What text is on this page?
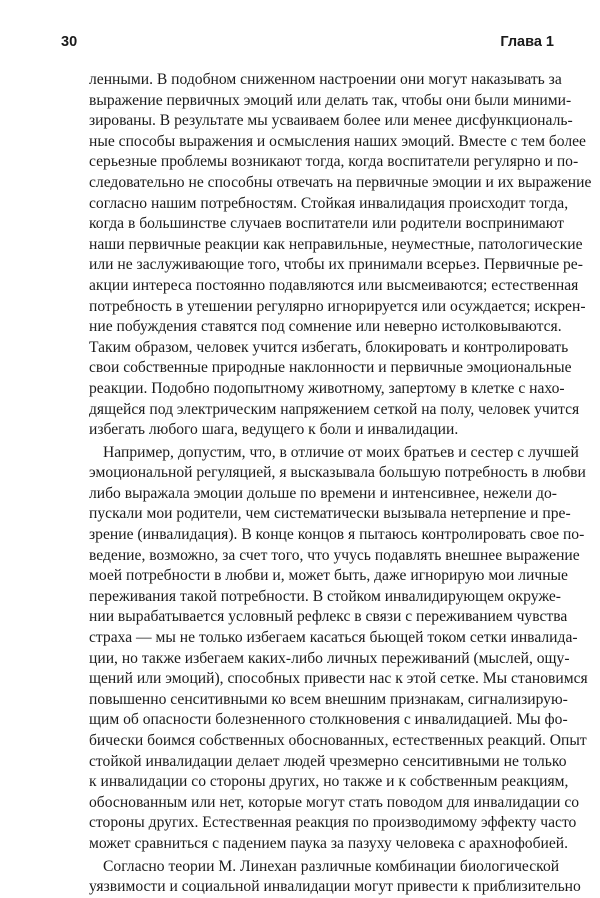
30	Глава 1
ленными. В подобном сниженном настроении они могут наказывать за
выражение первичных эмоций или делать так, чтобы они были миними-
зированы. В результате мы усваиваем более или менее дисфункциональ-
ные способы выражения и осмысления наших эмоций. Вместе с тем более
серьезные проблемы возникают тогда, когда воспитатели регулярно и по-
следовательно не способны отвечать на первичные эмоции и их выражение
согласно нашим потребностям. Стойкая инвалидация происходит тогда,
когда в большинстве случаев воспитатели или родители воспринимают
наши первичные реакции как неправильные, неуместные, патологические
или не заслуживающие того, чтобы их принимали всерьез. Первичные ре-
акции интереса постоянно подавляются или высмеиваются; естественная
потребность в утешении регулярно игнорируется или осуждается; искрен-
ние побуждения ставятся под сомнение или неверно истолковываются.
Таким образом, человек учится избегать, блокировать и контролировать
свои собственные природные наклонности и первичные эмоциональные
реакции. Подобно подопытному животному, запертому в клетке с нахо-
дящейся под электрическим напряжением сеткой на полу, человек учится
избегать любого шага, ведущего к боли и инвалидации.
Например, допустим, что, в отличие от моих братьев и сестер с лучшей
эмоциональной регуляцией, я высказывала большую потребность в любви
либо выражала эмоции дольше по времени и интенсивнее, нежели до-
пускали мои родители, чем систематически вызывала нетерпение и пре-
зрение (инвалидация). В конце концов я пытаюсь контролировать свое по-
ведение, возможно, за счет того, что учусь подавлять внешнее выражение
моей потребности в любви и, может быть, даже игнорирую мои личные
переживания такой потребности. В стойком инвалидирующем окруже-
нии вырабатывается условный рефлекс в связи с переживанием чувства
страха — мы не только избегаем касаться бьющей током сетки инвалида-
ции, но также избегаем каких-либо личных переживаний (мыслей, ощу-
щений или эмоций), способных привести нас к этой сетке. Мы становимся
повышенно сенситивными ко всем внешним признакам, сигнализирую-
щим об опасности болезненного столкновения с инвалидацией. Мы фо-
бически боимся собственных обоснованных, естественных реакций. Опыт
стойкой инвалидации делает людей чрезмерно сенситивными не только
к инвалидации со стороны других, но также и к собственным реакциям,
обоснованным или нет, которые могут стать поводом для инвалидации со
стороны других. Естественная реакция по производимому эффекту часто
может сравниться с падением паука за пазуху человека с арахнофобией.
Согласно теории М. Линехан различные комбинации биологической
уязвимости и социальной инвалидации могут привести к приблизительно
